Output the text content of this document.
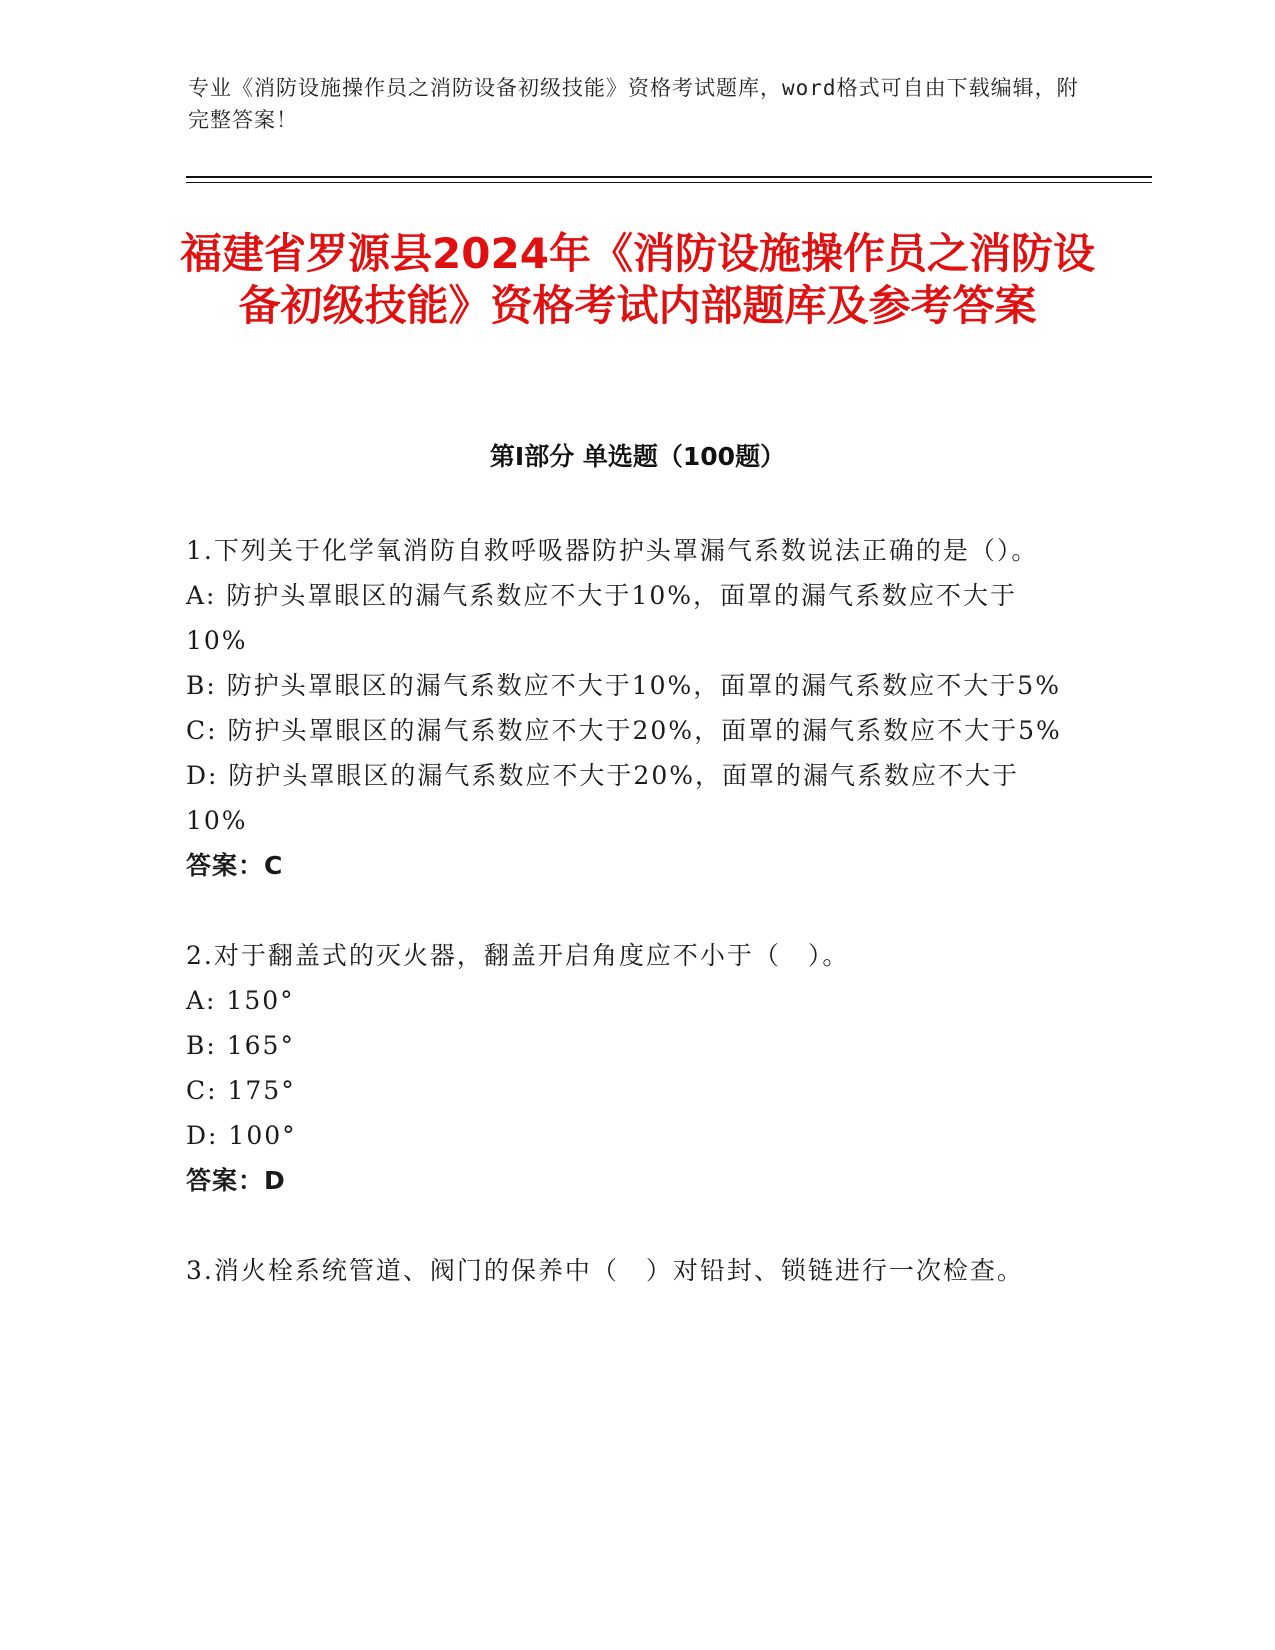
专业《消防设施操作员之消防设备初级技能》资格考试题库，word格式可自由下载编辑，附完整答案！
福建省罗源县2024年《消防设施操作员之消防设备初级技能》资格考试内部题库及参考答案
第I部分 单选题（100题）

1.下列关于化学氧消防自救呼吸器防护头罩漏气系数说法正确的是（）。

A: 防护头罩眼区的漏气系数应不大于10%，面罩的漏气系数应不大于10%

B: 防护头罩眼区的漏气系数应不大于10%，面罩的漏气系数应不大于5%

C: 防护头罩眼区的漏气系数应不大于20%，面罩的漏气系数应不大于5%

D: 防护头罩眼区的漏气系数应不大于20%，面罩的漏气系数应不大于10%

答案：C

2.对于翻盖式的灭火器，翻盖开启角度应不小于（　）。

A: 150°

B: 165°

C: 175°

D: 100°

答案：D

3.消火栓系统管道、阀门的保养中（　）对铅封、锁链进行一次检查。
